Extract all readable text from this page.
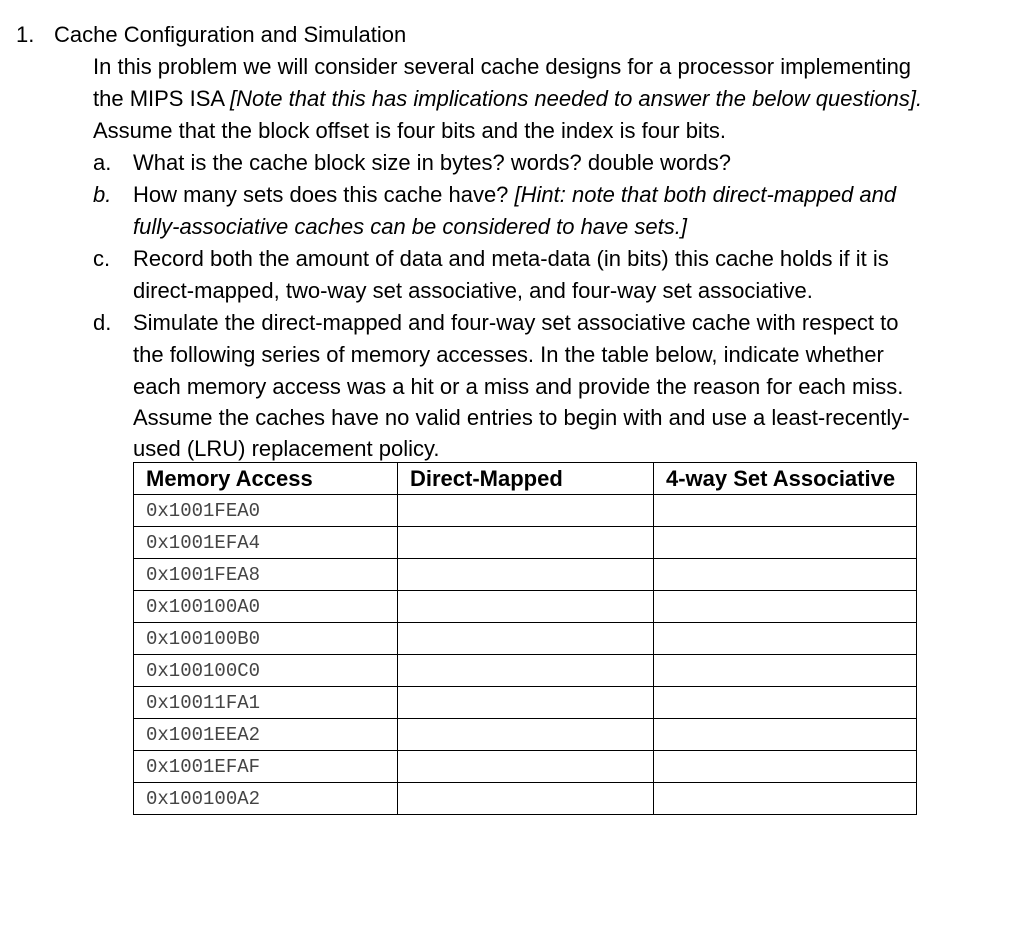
1. Cache Configuration and Simulation
In this problem we will consider several cache designs for a processor implementing
the MIPS ISA [Note that this has implications needed to answer the below questions].
Assume that the block offset is four bits and the index is four bits.
a. What is the cache block size in bytes? words? double words?
b. How many sets does this cache have? [Hint: note that both direct-mapped and
fully-associative caches can be considered to have sets.]
c. Record both the amount of data and meta-data (in bits) this cache holds if it is
direct-mapped, two-way set associative, and four-way set associative.
d. Simulate the direct-mapped and four-way set associative cache with respect to
the following series of memory accesses. In the table below, indicate whether
each memory access was a hit or a miss and provide the reason for each miss.
Assume the caches have no valid entries to begin with and use a least-recently-
used (LRU) replacement policy.
Memory Access	Direct-Mapped	4-way Set Associative
0x1001FEA0		
0x1001EFA4		
0x1001FEA8		
0x100100A0		
0x100100B0		
0x100100C0		
0x10011FA1		
0x1001EEA2		
0x1001EFAF		
0x100100A2		
